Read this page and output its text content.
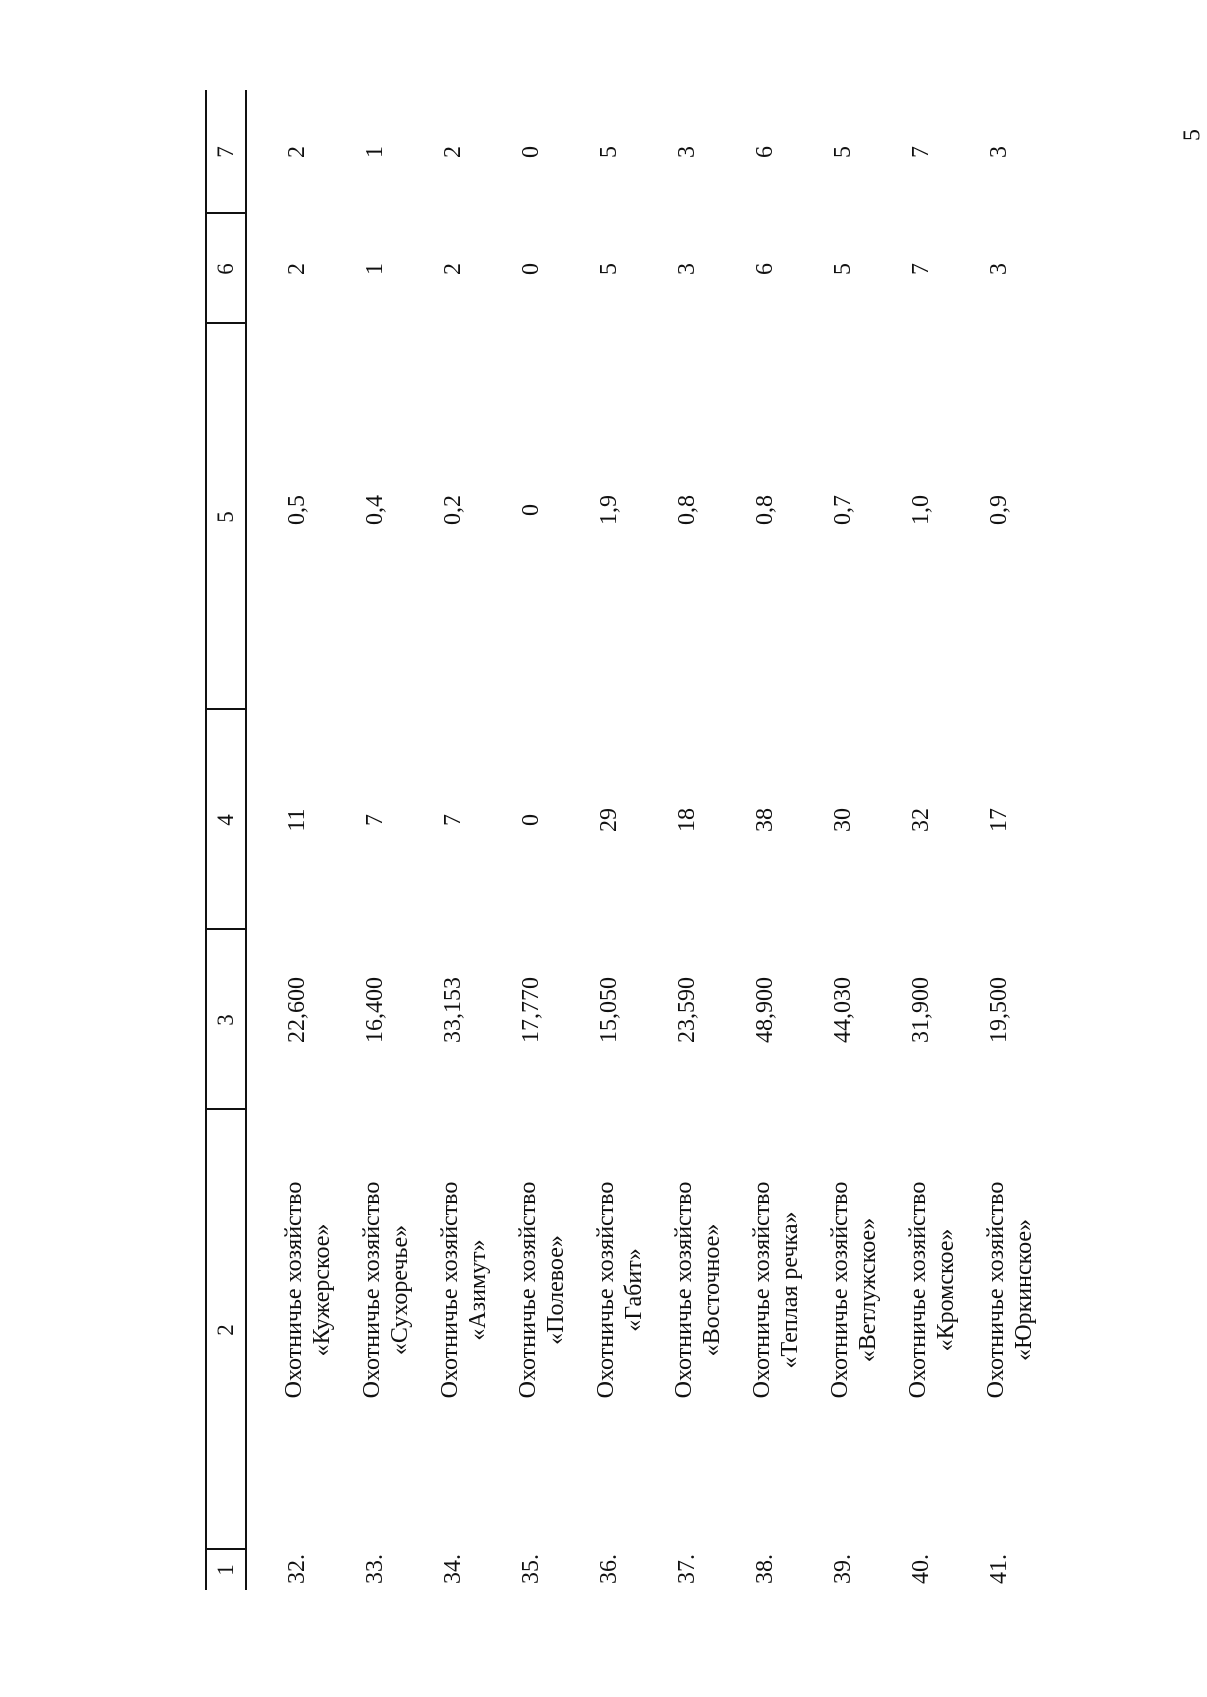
5
1
2
3
4
5
6
7
32.
Охотничье хозяйство «Кужерское»
22,600
11
0,5
2
2
33.
Охотничье хозяйство «Сухоречье»
16,400
7
0,4
1
1
34.
Охотничье хозяйство «Азимут»
33,153
7
0,2
2
2
35.
Охотничье хозяйство «Полевое»
17,770
0
0
0
0
36.
Охотничье хозяйство «Габит»
15,050
29
1,9
5
5
37.
Охотничье хозяйство «Восточное»
23,590
18
0,8
3
3
38.
Охотничье хозяйство «Теплая речка»
48,900
38
0,8
6
6
39.
Охотничье хозяйство «Ветлужское»
44,030
30
0,7
5
5
40.
Охотничье хозяйство «Кромское»
31,900
32
1,0
7
7
41.
Охотничье хозяйство «Юркинское»
19,500
17
0,9
3
3
